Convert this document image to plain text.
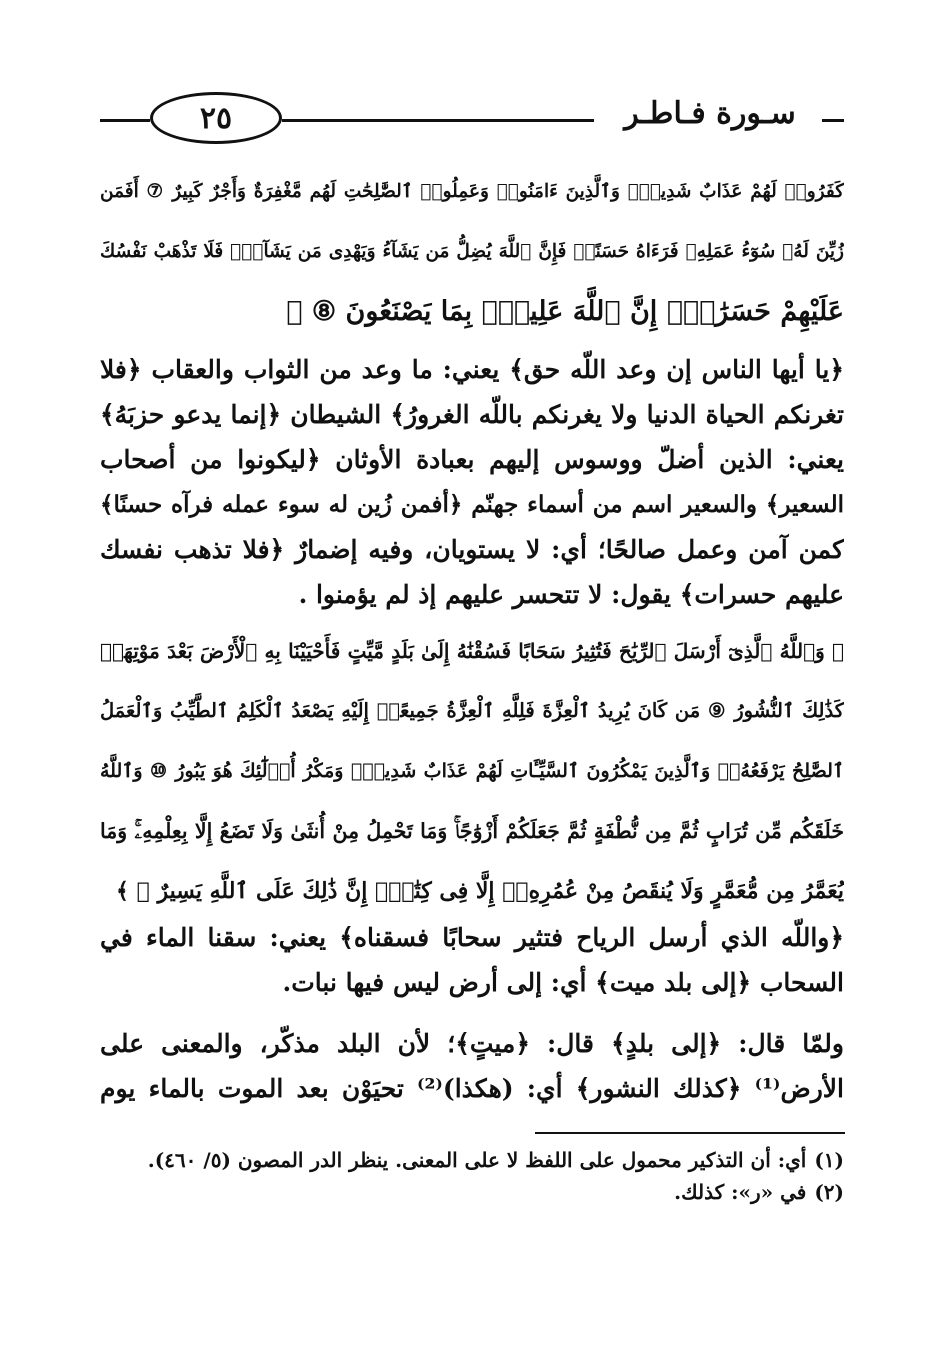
٢٥	سـورة فـاطـر
كَفَرُوا۟ لَهُمْ عَذَابٌ شَدِيدٌۖ وَٱلَّذِينَ ءَامَنُوا۟ وَعَمِلُوا۟ ٱلصَّٰلِحَٰتِ لَهُم مَّغْفِرَةٌ وَأَجْرٌ كَبِيرٌ ⑦ أَفَمَن
زُيِّنَ لَهُۥ سُوٓءُ عَمَلِهِۦ فَرَءَاهُ حَسَنًاۖ فَإِنَّ ٱللَّهَ يُضِلُّ مَن يَشَآءُ وَيَهْدِى مَن يَشَآءُۖ فَلَا تَذْهَبْ نَفْسُكَ
عَلَيْهِمْ حَسَرَٰتٍۚ إِنَّ ٱللَّهَ عَلِيمٌۢ بِمَا يَصْنَعُونَ ⑧ ﴾
﴿يا أيها الناس إن وعد اللّه حق﴾ يعني: ما وعد من الثواب والعقاب ﴿فلا
تغرنكم الحياة الدنيا ولا يغرنكم باللّه الغرورُ﴾ الشيطان ﴿إنما يدعو حزبَهُ﴾
يعني: الذين أضلّ ووسوس إليهم بعبادة الأوثان ﴿ليكونوا من أصحاب
السعير﴾ والسعير اسم من أسماء جهنّم ﴿أفمن زُين له سوء عمله فرآه حسنًا﴾
كمن آمن وعمل صالحًا؛ أي: لا يستويان، وفيه إضمارٌ ﴿فلا تذهب نفسك
عليهم حسرات﴾ يقول: لا تتحسر عليهم إذ لم يؤمنوا .
﴿ وَٱللَّهُ ٱلَّذِىٓ أَرْسَلَ ٱلرِّيَٰحَ فَتُثِيرُ سَحَابًا فَسُقْنَٰهُ إِلَىٰ بَلَدٍ مَّيِّتٍ فَأَحْيَيْنَا بِهِ ٱلْأَرْضَ بَعْدَ مَوْتِهَاۚ
كَذَٰلِكَ ٱلنُّشُورُ ⑨ مَن كَانَ يُرِيدُ ٱلْعِزَّةَ فَلِلَّهِ ٱلْعِزَّةُ جَمِيعًاۚ إِلَيْهِ يَصْعَدُ ٱلْكَلِمُ ٱلطَّيِّبُ وَٱلْعَمَلُ
ٱلصَّٰلِحُ يَرْفَعُهُۥۚ وَٱلَّذِينَ يَمْكُرُونَ ٱلسَّيِّـَٔاتِ لَهُمْ عَذَابٌ شَدِيدٌۖ وَمَكْرُ أُو۟لَٰٓئِكَ هُوَ يَبُورُ ⑩ وَٱللَّهُ
خَلَقَكُم مِّن تُرَابٍ ثُمَّ مِن نُّطْفَةٍ ثُمَّ جَعَلَكُمْ أَزْوَٰجًاۚ وَمَا تَحْمِلُ مِنْ أُنثَىٰ وَلَا تَضَعُ إِلَّا بِعِلْمِهِۦۚ وَمَا
يُعَمَّرُ مِن مُّعَمَّرٍ وَلَا يُنقَصُ مِنْ عُمُرِهِۦٓ إِلَّا فِى كِتَٰبٍۚ إِنَّ ذَٰلِكَ عَلَى ٱللَّهِ يَسِيرٌ ⑪ ﴾
﴿واللّه الذي أرسل الرياح فتثير سحابًا فسقناه﴾ يعني: سقنا الماء في
السحاب ﴿إلى بلد ميت﴾ أي: إلى أرض ليس فيها نبات.
ولمّا قال: ﴿إلى بلدٍ﴾ قال: ﴿ميتٍ﴾؛ لأن البلد مذكّر، والمعنى على
الأرض⁽¹⁾ ﴿كذلك النشور﴾ أي: (هكذا)⁽²⁾ تحيَوْن بعد الموت بالماء يوم
(١)أي: أن التذكير محمول على اللفظ لا على المعنى. ينظر الدر المصون (٥/ ٤٦٠).
(٢)في «ر»: كذلك.
